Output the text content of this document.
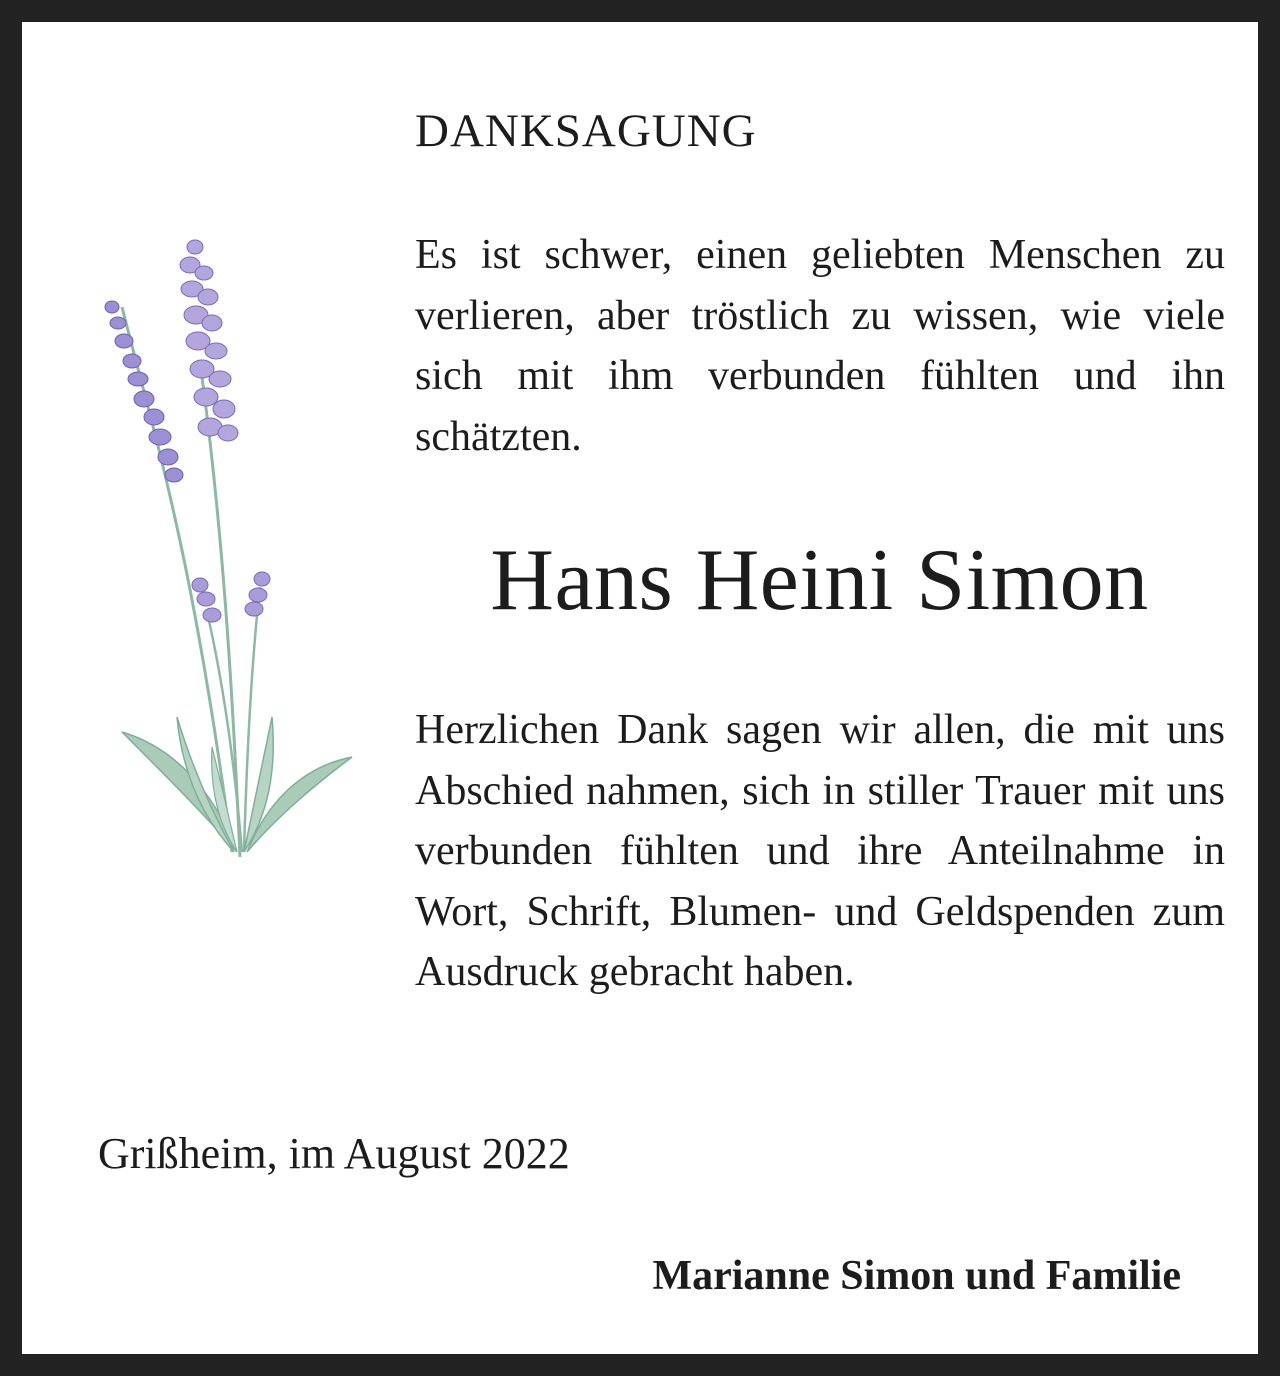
DANKSAGUNG

Es ist schwer, einen geliebten Menschen zu verlieren, aber tröstlich zu wissen, wie viele sich mit ihm verbunden fühlten und ihn schätzten.

Hans Heini Simon

Herzlichen Dank sagen wir allen, die mit uns Abschied nahmen, sich in stiller Trauer mit uns verbunden fühlten und ihre Anteilnahme in Wort, Schrift, Blumen- und Geldspenden zum Ausdruck gebracht haben.

Grißheim, im August 2022

Marianne Simon und Familie
